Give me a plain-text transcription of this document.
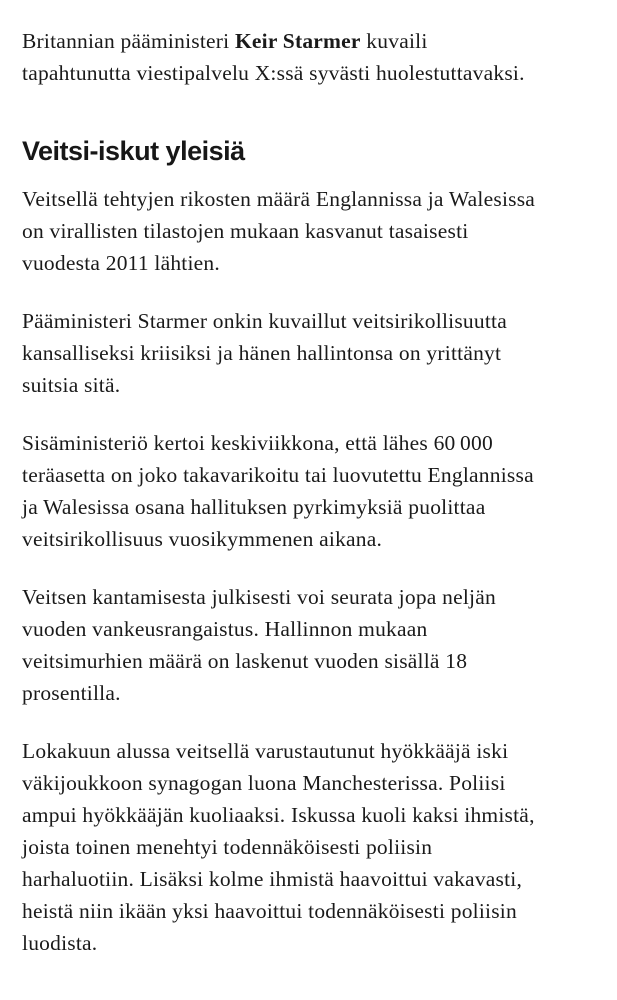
Britannian pääministeri Keir Starmer kuvaili tapahtunutta viestipalvelu X:ssä syvästi huolestuttavaksi.

Veitsi-iskut yleisiä

Veitsellä tehtyjen rikosten määrä Englannissa ja Walesissa on virallisten tilastojen mukaan kasvanut tasaisesti vuodesta 2011 lähtien.

Pääministeri Starmer onkin kuvaillut veitsirikollisuutta kansalliseksi kriisiksi ja hänen hallintonsa on yrittänyt suitsia sitä.

Sisäministeriö kertoi keskiviikkona, että lähes 60 000 teräasetta on joko takavarikoitu tai luovutettu Englannissa ja Walesissa osana hallituksen pyrkimyksiä puolittaa veitsirikollisuus vuosikymmenen aikana.

Veitsen kantamisesta julkisesti voi seurata jopa neljän vuoden vankeusrangaistus. Hallinnon mukaan veitsimurhien määrä on laskenut vuoden sisällä 18 prosentilla.

Lokakuun alussa veitsellä varustautunut hyökkääjä iski väkijoukkoon synagogan luona Manchesterissa. Poliisi ampui hyökkääjän kuoliaaksi. Iskussa kuoli kaksi ihmistä, joista toinen menehtyi todennäköisesti poliisin harhaluotiin. Lisäksi kolme ihmistä haavoittui vakavasti, heistä niin ikään yksi haavoittui todennäköisesti poliisin luodista.
